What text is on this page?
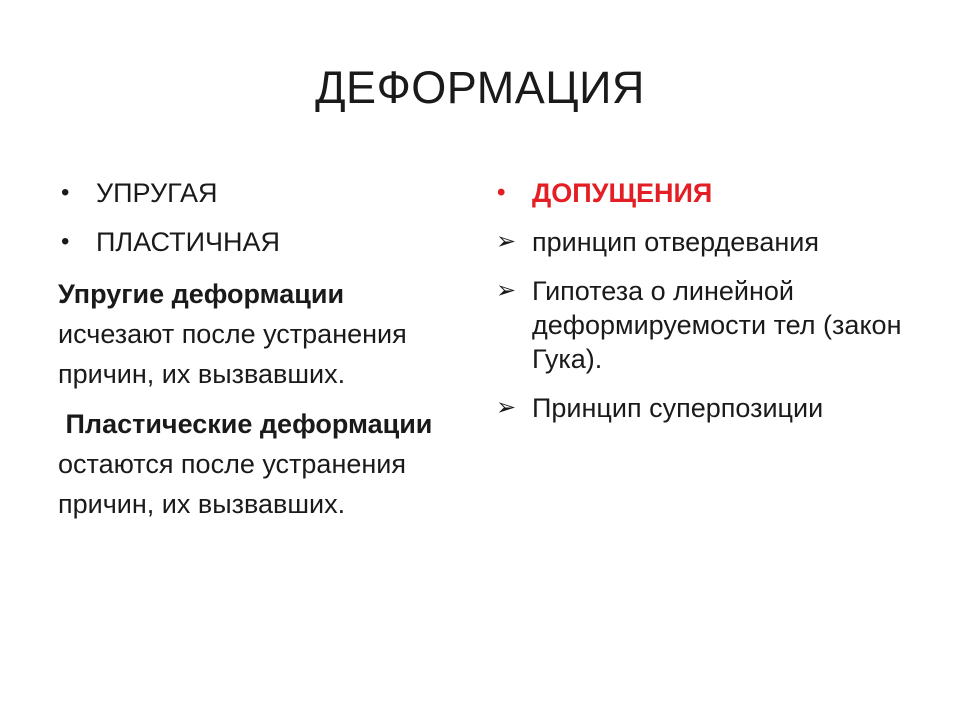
ДЕФОРМАЦИЯ
• УПРУГАЯ
• ПЛАСТИЧНАЯ
Упругие деформации исчезают после устранения причин, их вызвавших.
Пластические деформации остаются после устранения причин, их вызвавших.
• ДОПУЩЕНИЯ
➢ принцип отвердевания
➢ Гипотеза о линейной деформируемости тел (закон Гука).
➢ Принцип суперпозиции
